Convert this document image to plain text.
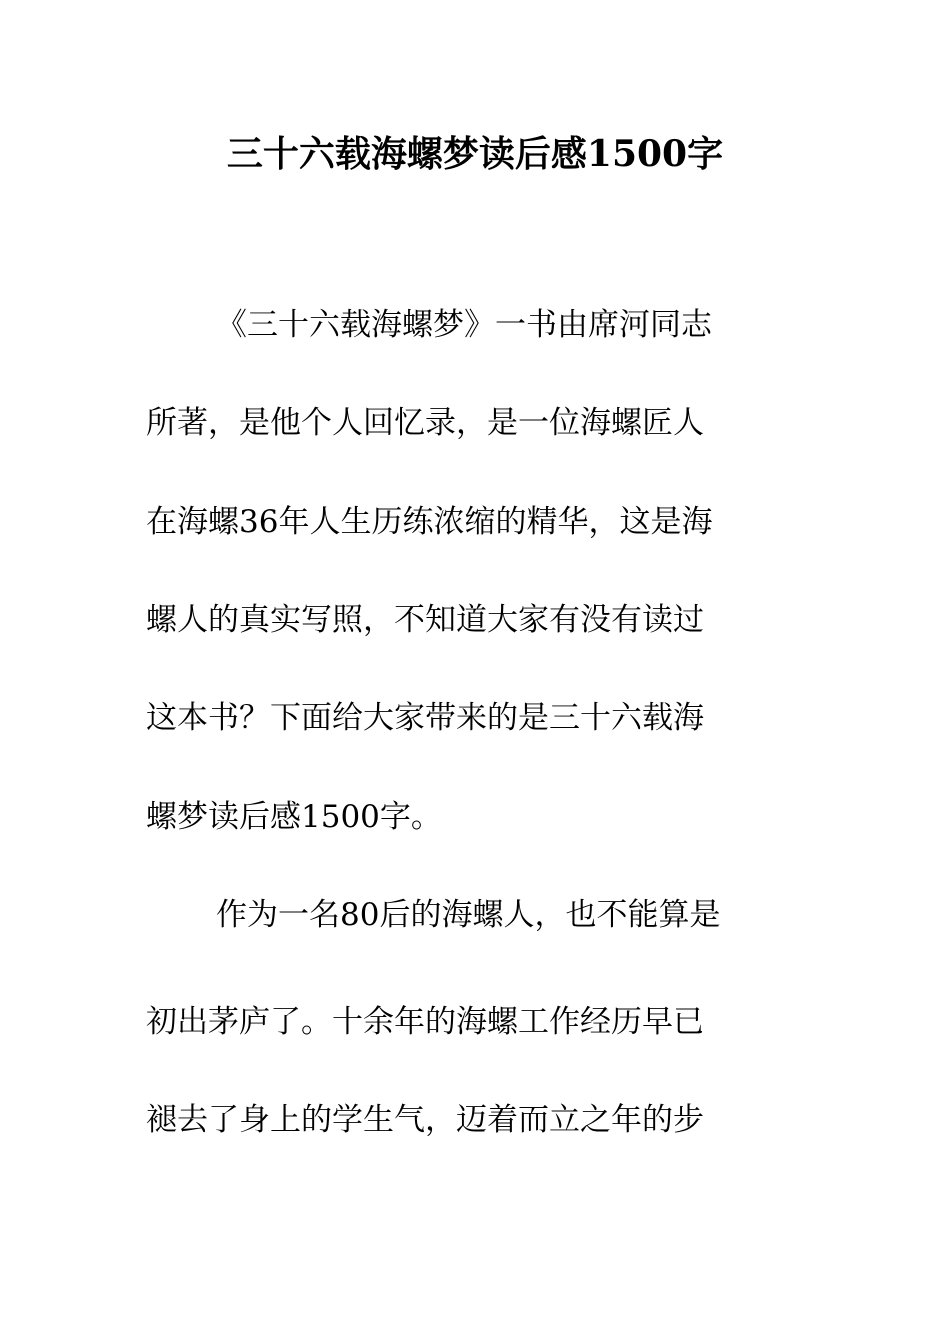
三十六载海螺梦读后感1500字
《三十六载海螺梦》一书由席河同志
所著，是他个人回忆录，是一位海螺匠人
在海螺36年人生历练浓缩的精华，这是海
螺人的真实写照，不知道大家有没有读过
这本书？下面给大家带来的是三十六载海
螺梦读后感1500字。
作为一名80后的海螺人，也不能算是
初出茅庐了。十余年的海螺工作经历早已
褪去了身上的学生气，迈着而立之年的步
